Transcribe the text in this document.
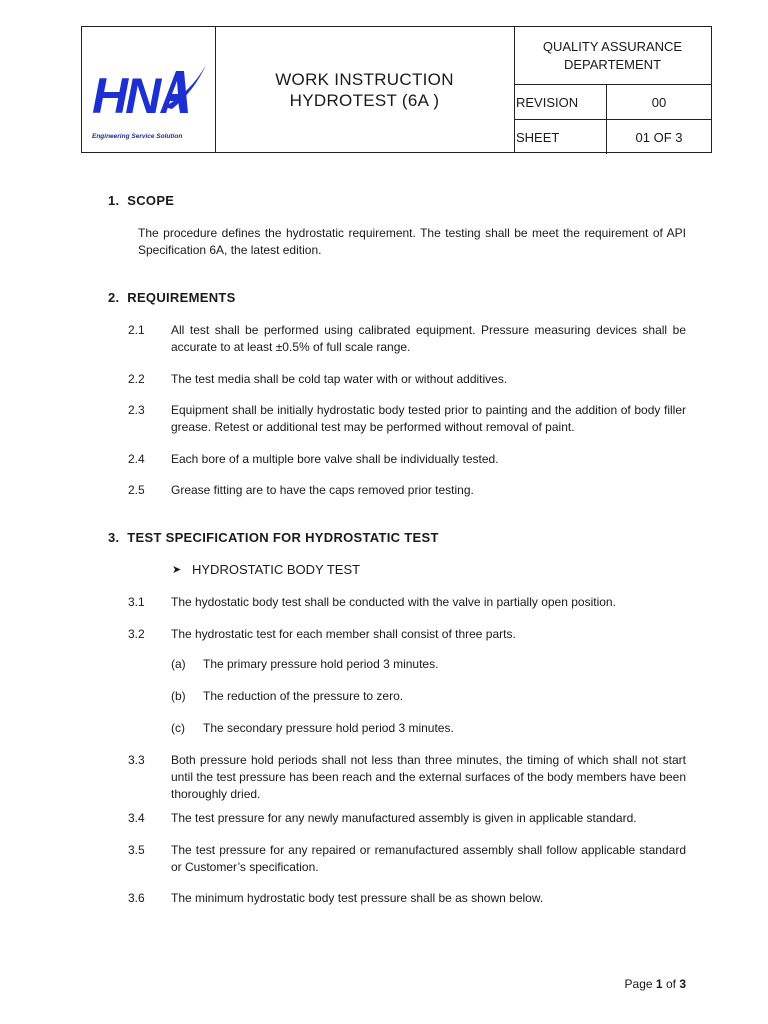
HN
Engineering Service Solution
WORK INSTRUCTION
HYDROTEST (6A )
QUALITY ASSURANCE
DEPARTEMENT
REVISION	00
SHEET	01 OF 3
1.  SCOPE
The procedure defines the hydrostatic requirement. The testing shall be meet the requirement of API Specification 6A, the latest edition.
2.  REQUIREMENTS
2.1 All test shall be performed using calibrated equipment. Pressure measuring devices shall be accurate to at least ±0.5% of full scale range.
2.2 The test media shall be cold tap water with or without additives.
2.3 Equipment shall be initially hydrostatic body tested prior to painting and the addition of body filler grease. Retest or additional test may be performed without removal of paint.
2.4 Each bore of a multiple bore valve shall be individually tested.
2.5 Grease fitting are to have the caps removed prior testing.
3.  TEST SPECIFICATION FOR HYDROSTATIC TEST
➤ HYDROSTATIC BODY TEST
3.1 The hydostatic body test shall be conducted with the valve in partially open position.
3.2 The hydrostatic test for each member shall consist of three parts.
(a) The primary pressure hold period 3 minutes.
(b) The reduction of the pressure to zero.
(c) The secondary pressure hold period 3 minutes.
3.3 Both pressure hold periods shall not less than three minutes, the timing of which shall not start until the test pressure has been reach and the external surfaces of the body members have been thoroughly dried.
3.4 The test pressure for any newly manufactured assembly is given in applicable standard.
3.5 The test pressure for any repaired or remanufactured assembly shall follow applicable standard or Customer’s specification.
3.6 The minimum hydrostatic body test pressure shall be as shown below.
Page 1 of 3
